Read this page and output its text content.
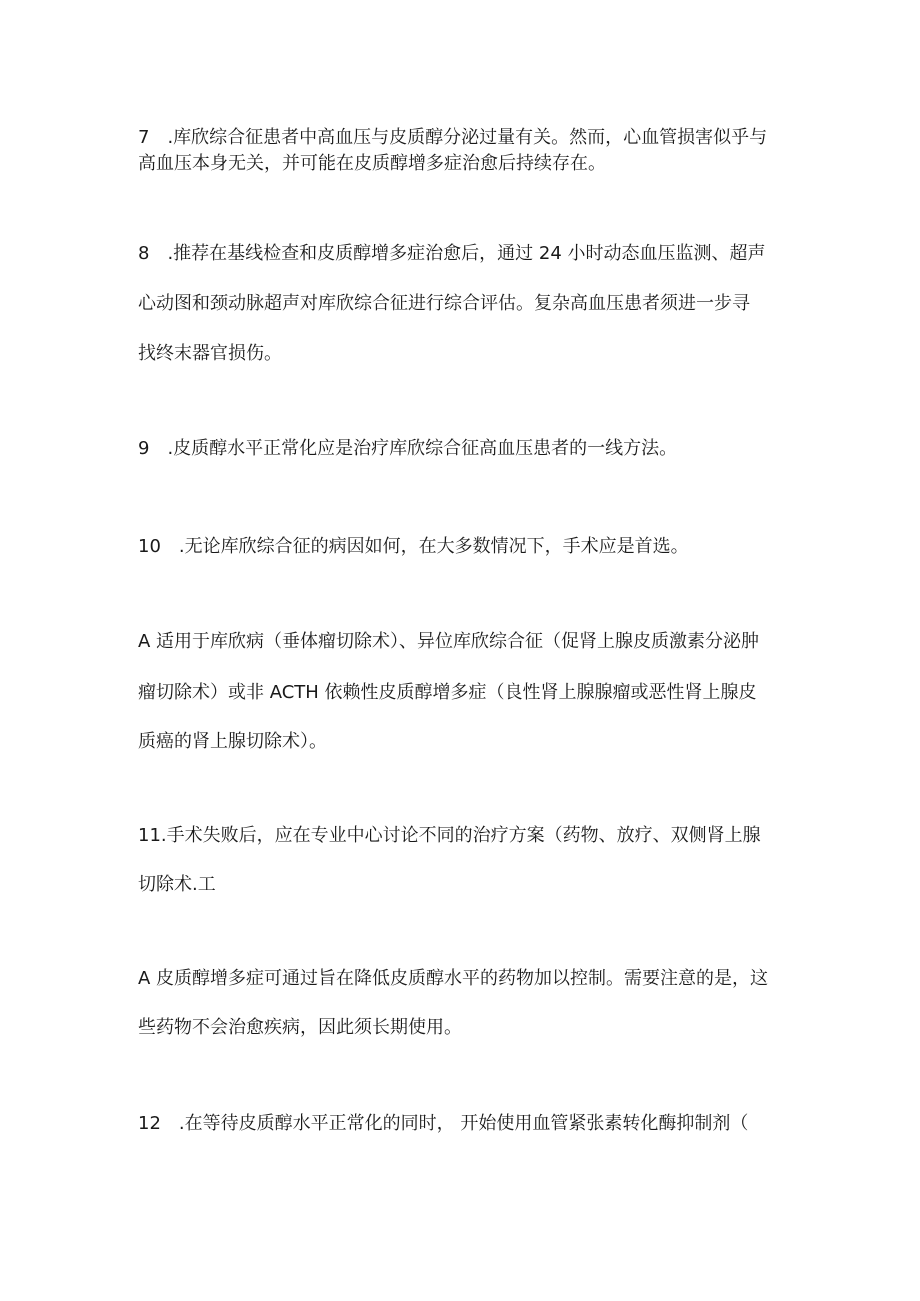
7　.库欣综合征患者中高血压与皮质醇分泌过量有关。然而，心血管损害似乎与
高血压本身无关，并可能在皮质醇增多症治愈后持续存在。
8　.推荐在基线检查和皮质醇增多症治愈后，通过 24 小时动态血压监测、超声
心动图和颈动脉超声对库欣综合征进行综合评估。复杂高血压患者须进一步寻
找终末器官损伤。
9　.皮质醇水平正常化应是治疗库欣综合征高血压患者的一线方法。
10　.无论库欣综合征的病因如何，在大多数情况下，手术应是首选。
A 适用于库欣病（垂体瘤切除术）、异位库欣综合征（促肾上腺皮质激素分泌肿
瘤切除术）或非 ACTH 依赖性皮质醇增多症（良性肾上腺腺瘤或恶性肾上腺皮
质癌的肾上腺切除术）。
11.手术失败后，应在专业中心讨论不同的治疗方案（药物、放疗、双侧肾上腺
切除术.工
A 皮质醇增多症可通过旨在降低皮质醇水平的药物加以控制。需要注意的是，这
些药物不会治愈疾病，因此须长期使用。
12　.在等待皮质醇水平正常化的同时， 开始使用血管紧张素转化酶抑制剂（
